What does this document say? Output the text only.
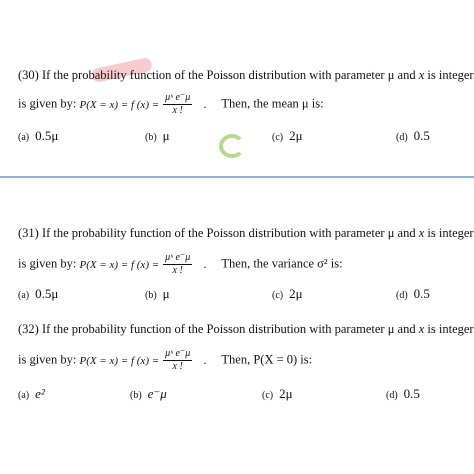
(30) If the probability function of the Poisson distribution with parameter μ and x is integer
is given by: P(X = x) = f $(x) = \frac{\text{μˣ e⁻μ}}{x !}$ . Then, the mean μ is:
(a) 0.5μ	(b) μ	(c) 2μ	(d) 0.5
(31) If the probability function of the Poisson distribution with parameter μ and x is integer
is given by: P(X = x) = f $(x) = \frac{\text{μˣ e⁻μ}}{x !}$ . Then, the variance σ² is:
(a) 0.5μ	(b) μ	(c) 2μ	(d) 0.5
(32) If the probability function of the Poisson distribution with parameter μ and x is integer
is given by: P(X = x) = f $(x) = \frac{\text{μˣ e⁻μ}}{x !}$ . Then, P(X = 0) is:
(a) e²	(b) e⁻μ	(c) 2μ	(d) 0.5
